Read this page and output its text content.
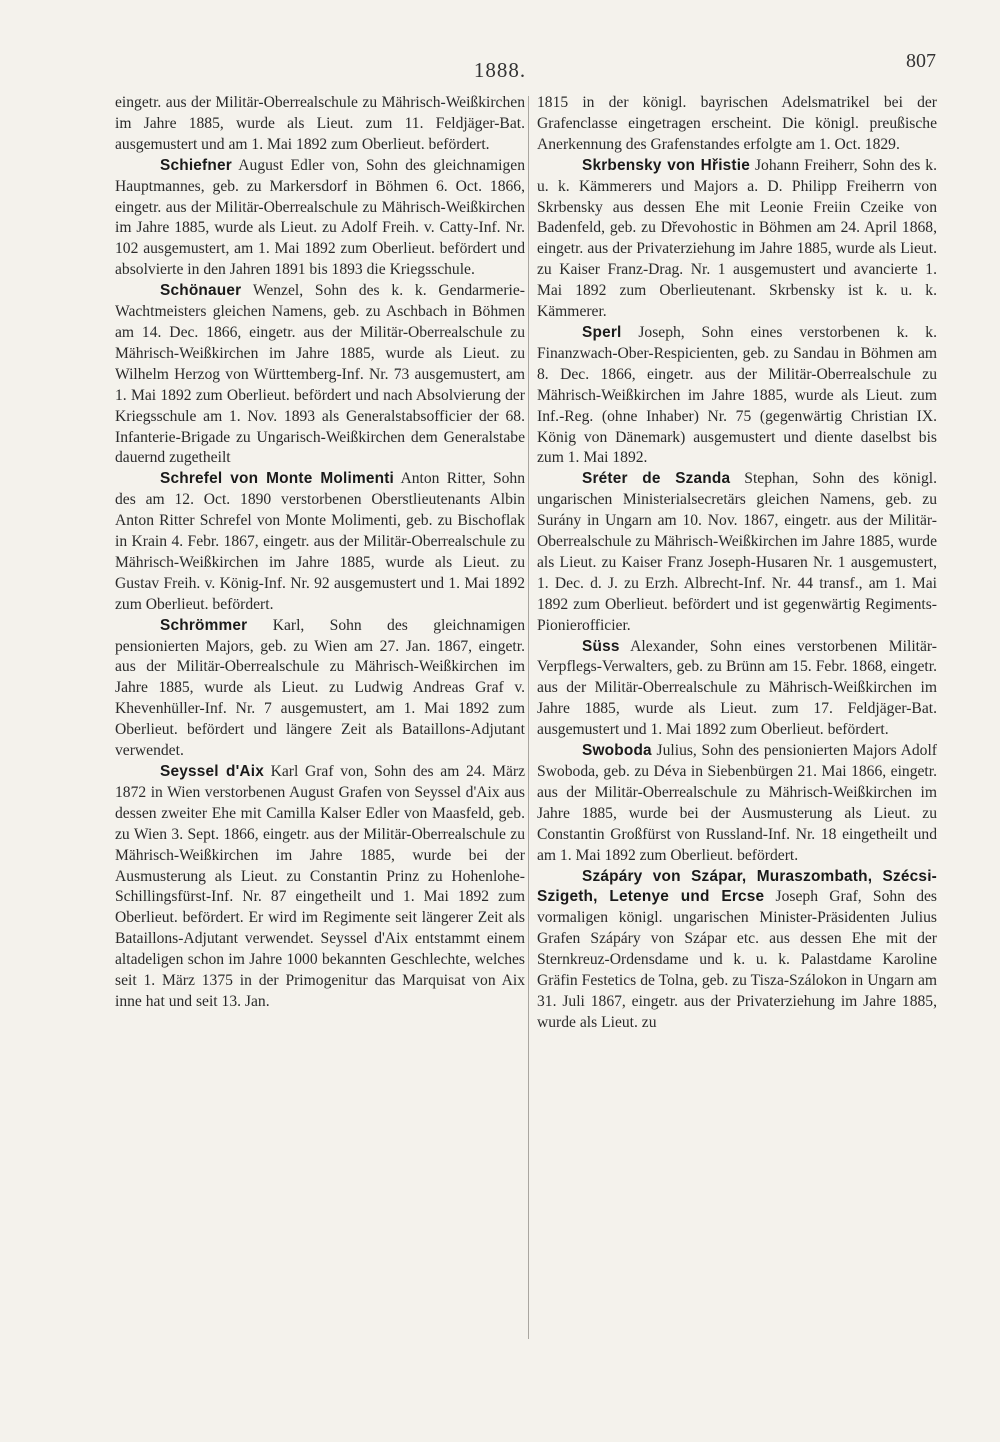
1888.	807

eingetr. aus der Militär-Oberrealschule zu Mährisch-Weißkirchen im Jahre 1885, wurde als Lieut. zum 11. Feldjäger-Bat. ausgemustert und am 1. Mai 1892 zum Oberlieut. befördert.

Schiefner August Edler von, Sohn des gleichnamigen Hauptmannes, geb. zu Markersdorf in Böhmen 6. Oct. 1866, eingetr. aus der Militär-Oberrealschule zu Mährisch-Weißkirchen im Jahre 1885, wurde als Lieut. zu Adolf Freih. v. Catty-Inf. Nr. 102 ausgemustert, am 1. Mai 1892 zum Oberlieut. befördert und absolvierte in den Jahren 1891 bis 1893 die Kriegsschule.

Schönauer Wenzel, Sohn des k. k. Gendarmerie-Wachtmeisters gleichen Namens, geb. zu Aschbach in Böhmen am 14. Dec. 1866, eingetr. aus der Militär-Oberrealschule zu Mährisch-Weißkirchen im Jahre 1885, wurde als Lieut. zu Wilhelm Herzog von Württemberg-Inf. Nr. 73 ausgemustert, am 1. Mai 1892 zum Oberlieut. befördert und nach Absolvierung der Kriegsschule am 1. Nov. 1893 als Generalstabsofficier der 68. Infanterie-Brigade zu Ungarisch-Weißkirchen dem Generalstabe dauernd zugetheilt

Schrefel von Monte Molimenti Anton Ritter, Sohn des am 12. Oct. 1890 verstorbenen Oberstlieutenants Albin Anton Ritter Schrefel von Monte Molimenti, geb. zu Bischoflak in Krain 4. Febr. 1867, eingetr. aus der Militär-Oberrealschule zu Mährisch-Weißkirchen im Jahre 1885, wurde als Lieut. zu Gustav Freih. v. König-Inf. Nr. 92 ausgemustert und 1. Mai 1892 zum Oberlieut. befördert.

Schrömmer Karl, Sohn des gleichnamigen pensionierten Majors, geb. zu Wien am 27. Jan. 1867, eingetr. aus der Militär-Oberrealschule zu Mährisch-Weißkirchen im Jahre 1885, wurde als Lieut. zu Ludwig Andreas Graf v. Khevenhüller-Inf. Nr. 7 ausgemustert, am 1. Mai 1892 zum Oberlieut. befördert und längere Zeit als Bataillons-Adjutant verwendet.

Seyssel d'Aix Karl Graf von, Sohn des am 24. März 1872 in Wien verstorbenen August Grafen von Seyssel d'Aix aus dessen zweiter Ehe mit Camilla Kalser Edler von Maasfeld, geb. zu Wien 3. Sept. 1866, eingetr. aus der Militär-Oberrealschule zu Mährisch-Weißkirchen im Jahre 1885, wurde bei der Ausmusterung als Lieut. zu Constantin Prinz zu Hohenlohe-Schillingsfürst-Inf. Nr. 87 eingetheilt und 1. Mai 1892 zum Oberlieut. befördert. Er wird im Regimente seit längerer Zeit als Bataillons-Adjutant verwendet. Seyssel d'Aix entstammt einem altadeligen schon im Jahre 1000 bekannten Geschlechte, welches seit 1. März 1375 in der Primogenitur das Marquisat von Aix inne hat und seit 13. Jan.

1815 in der königl. bayrischen Adelsmatrikel bei der Grafenclasse eingetragen erscheint. Die königl. preußische Anerkennung des Grafenstandes erfolgte am 1. Oct. 1829.

Skrbensky von Hřistie Johann Freiherr, Sohn des k. u. k. Kämmerers und Majors a. D. Philipp Freiherrn von Skrbensky aus dessen Ehe mit Leonie Freiin Czeike von Badenfeld, geb. zu Dřevohostic in Böhmen am 24. April 1868, eingetr. aus der Privaterziehung im Jahre 1885, wurde als Lieut. zu Kaiser Franz-Drag. Nr. 1 ausgemustert und avancierte 1. Mai 1892 zum Oberlieutenant. Skrbensky ist k. u. k. Kämmerer.

Sperl Joseph, Sohn eines verstorbenen k. k. Finanzwach-Ober-Respicienten, geb. zu Sandau in Böhmen am 8. Dec. 1866, eingetr. aus der Militär-Oberrealschule zu Mährisch-Weißkirchen im Jahre 1885, wurde als Lieut. zum Inf.-Reg. (ohne Inhaber) Nr. 75 (gegenwärtig Christian IX. König von Dänemark) ausgemustert und diente daselbst bis zum 1. Mai 1892.

Sréter de Szanda Stephan, Sohn des königl. ungarischen Ministerialsecretärs gleichen Namens, geb. zu Surány in Ungarn am 10. Nov. 1867, eingetr. aus der Militär-Oberrealschule zu Mährisch-Weißkirchen im Jahre 1885, wurde als Lieut. zu Kaiser Franz Joseph-Husaren Nr. 1 ausgemustert, 1. Dec. d. J. zu Erzh. Albrecht-Inf. Nr. 44 transf., am 1. Mai 1892 zum Oberlieut. befördert und ist gegenwärtig Regiments-Pionierofficier.

Süss Alexander, Sohn eines verstorbenen Militär-Verpflegs-Verwalters, geb. zu Brünn am 15. Febr. 1868, eingetr. aus der Militär-Oberrealschule zu Mährisch-Weißkirchen im Jahre 1885, wurde als Lieut. zum 17. Feldjäger-Bat. ausgemustert und 1. Mai 1892 zum Oberlieut. befördert.

Swoboda Julius, Sohn des pensionierten Majors Adolf Swoboda, geb. zu Déva in Siebenbürgen 21. Mai 1866, eingetr. aus der Militär-Oberrealschule zu Mährisch-Weißkirchen im Jahre 1885, wurde bei der Ausmusterung als Lieut. zu Constantin Großfürst von Russland-Inf. Nr. 18 eingetheilt und am 1. Mai 1892 zum Oberlieut. befördert.

Szápáry von Szápar, Muraszombath, Szécsi-Szigeth, Letenye und Ercse Joseph Graf, Sohn des vormaligen königl. ungarischen Minister-Präsidenten Julius Grafen Szápáry von Szápar etc. aus dessen Ehe mit der Sternkreuz-Ordensdame und k. u. k. Palastdame Karoline Gräfin Festetics de Tolna, geb. zu Tisza-Szálokon in Ungarn am 31. Juli 1867, eingetr. aus der Privaterziehung im Jahre 1885, wurde als Lieut. zu
